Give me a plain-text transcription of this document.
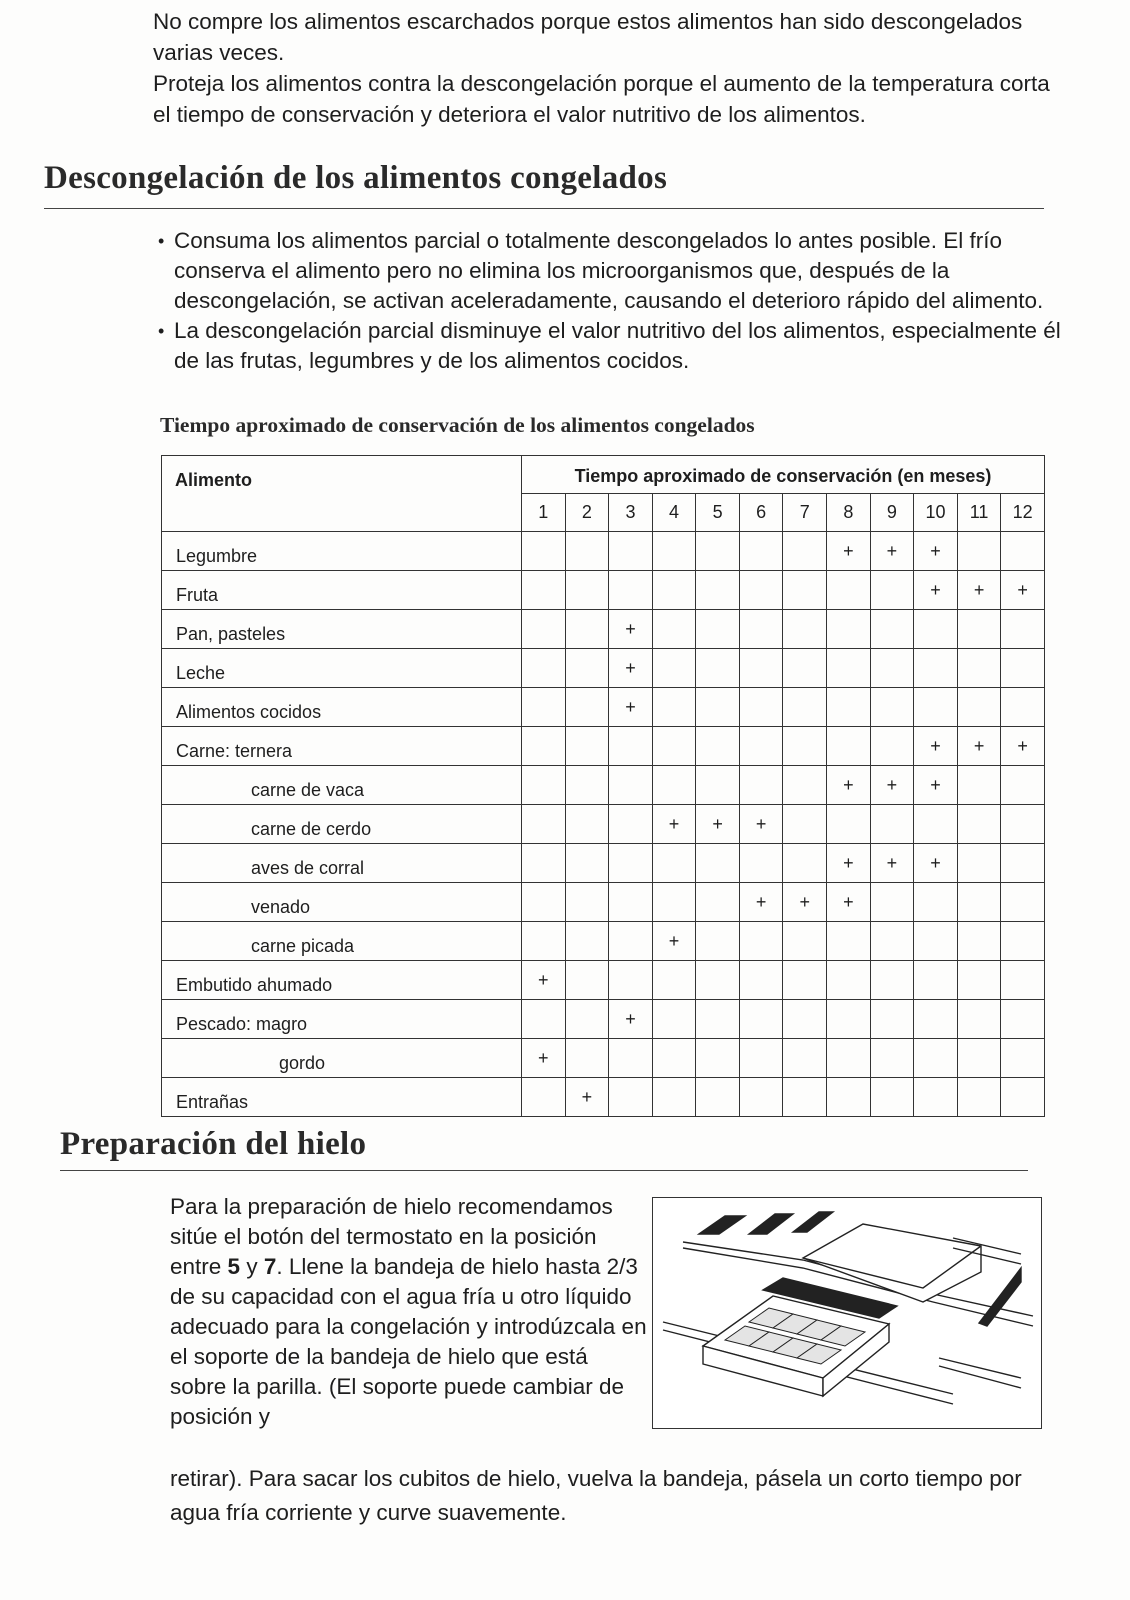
No compre los alimentos escarchados porque estos alimentos han sido descongelados varias veces.

Proteja los alimentos contra la descongelación porque el aumento de la temperatura corta el tiempo de conservación y deteriora el valor nutritivo de los alimentos.

Descongelación de los alimentos congelados
• Consuma los alimentos parcial o totalmente descongelados lo antes posible. El frío conserva el alimento pero no elimina los microorganismos que, después de la descongelación, se activan aceleradamente, causando el deterioro rápido del alimento.
• La descongelación parcial disminuye el valor nutritivo del los alimentos, especialmente él de las frutas, legumbres y de los alimentos cocidos.
Tiempo aproximado de conservación de los alimentos congelados
Alimento	Tiempo aproximado de conservación (en meses)											
	1	2	3	4	5	6	7	8	9	10	11	12
Legumbre								+	+	+		
Fruta										+	+	+
Pan, pasteles			+									
Leche			+									
Alimentos cocidos			+									
Carne: ternera										+	+	+
carne de vaca								+	+	+		
carne de cerdo				+	+	+						
aves de corral								+	+	+		
venado						+	+	+				
carne picada				+								
Embutido ahumado	+											
Pescado: magro			+									
gordo	+											
Entrañas		+										
Preparación del hielo

Para la preparación de hielo recomendamos sitúe el botón del termostato en la posición entre 5 y 7. Llene la bandeja de hielo hasta 2/3 de su capacidad con el agua fría u otro líquido adecuado para la congelación y introdúzcala en el soporte de la bandeja de hielo que está sobre la parilla. (El soporte puede cambiar de posición y

retirar). Para sacar los cubitos de hielo, vuelva la bandeja, pásela un corto tiempo por agua fría corriente y curve suavemente.
